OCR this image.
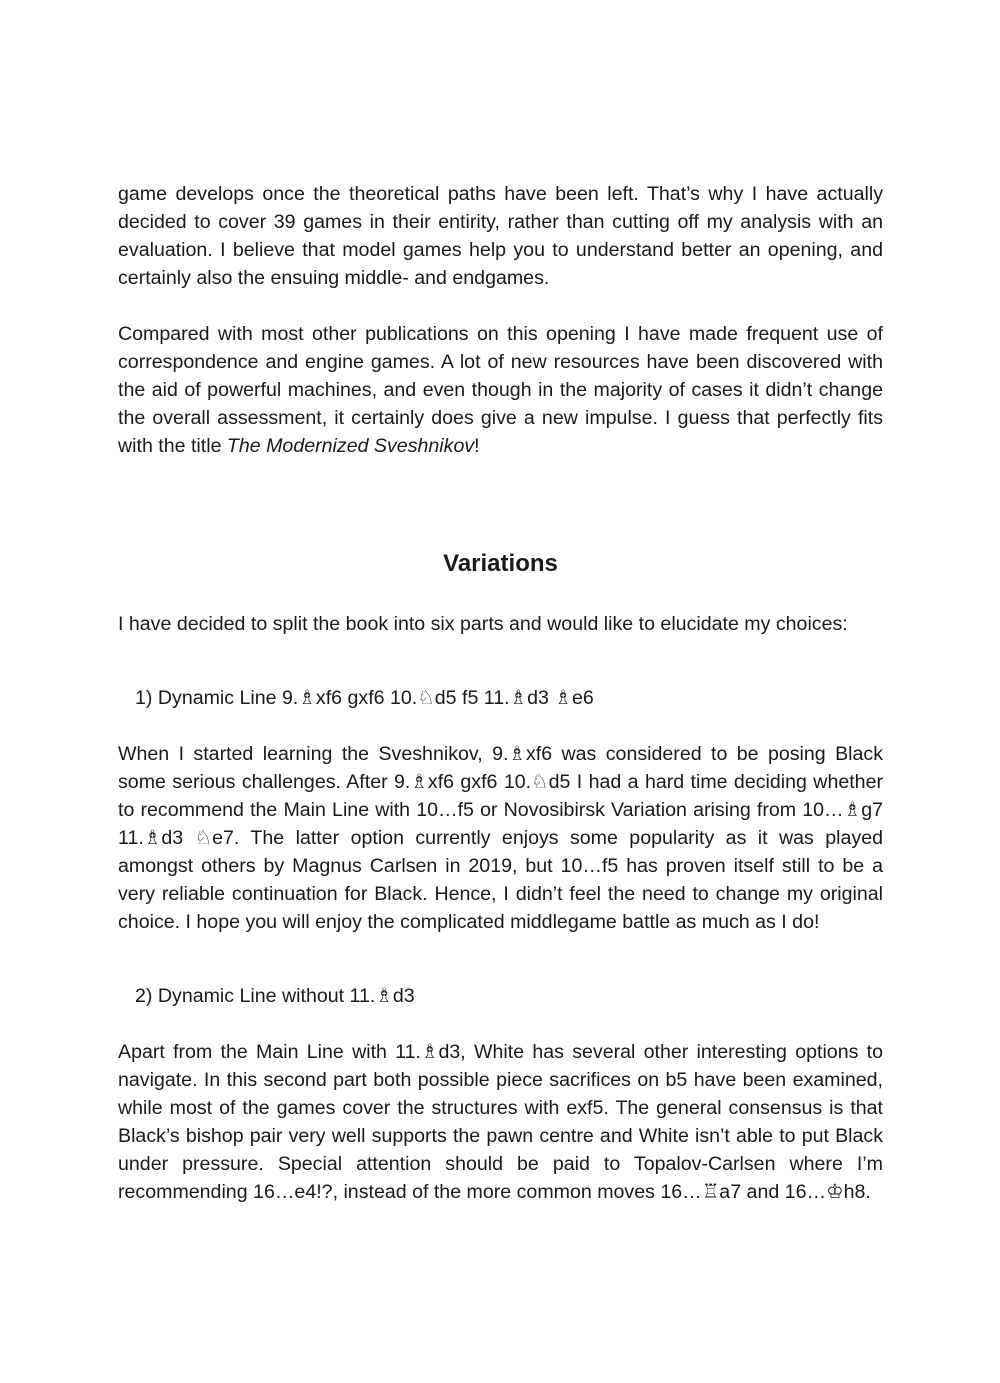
game develops once the theoretical paths have been left. That’s why I have actually decided to cover 39 games in their entirity, rather than cutting off my analysis with an evaluation. I believe that model games help you to understand better an opening, and certainly also the ensuing middle- and endgames.

Compared with most other publications on this opening I have made frequent use of correspondence and engine games. A lot of new resources have been discovered with the aid of powerful machines, and even though in the majority of cases it didn’t change the overall assessment, it certainly does give a new impulse. I guess that perfectly fits with the title The Modernized Sveshnikov!

Variations

I have decided to split the book into six parts and would like to elucidate my choices:

1) Dynamic Line 9.♗xf6 gxf6 10.♘d5 f5 11.♗d3 ♗e6

When I started learning the Sveshnikov, 9.♗xf6 was considered to be posing Black some serious challenges. After 9.♗xf6 gxf6 10.♘d5 I had a hard time deciding whether to recommend the Main Line with 10…f5 or Novosibirsk Variation arising from 10…♗g7 11.♗d3 ♘e7. The latter option currently enjoys some popularity as it was played amongst others by Magnus Carlsen in 2019, but 10…f5 has proven itself still to be a very reliable continuation for Black. Hence, I didn’t feel the need to change my original choice. I hope you will enjoy the complicated middlegame battle as much as I do!

2) Dynamic Line without 11.♗d3

Apart from the Main Line with 11.♗d3, White has several other interesting options to navigate. In this second part both possible piece sacrifices on b5 have been examined, while most of the games cover the structures with exf5. The general consensus is that Black’s bishop pair very well supports the pawn centre and White isn’t able to put Black under pressure. Special attention should be paid to Topalov-Carlsen where I’m recommending 16…e4!?, instead of the more common moves 16…♖a7 and 16…♔h8.
